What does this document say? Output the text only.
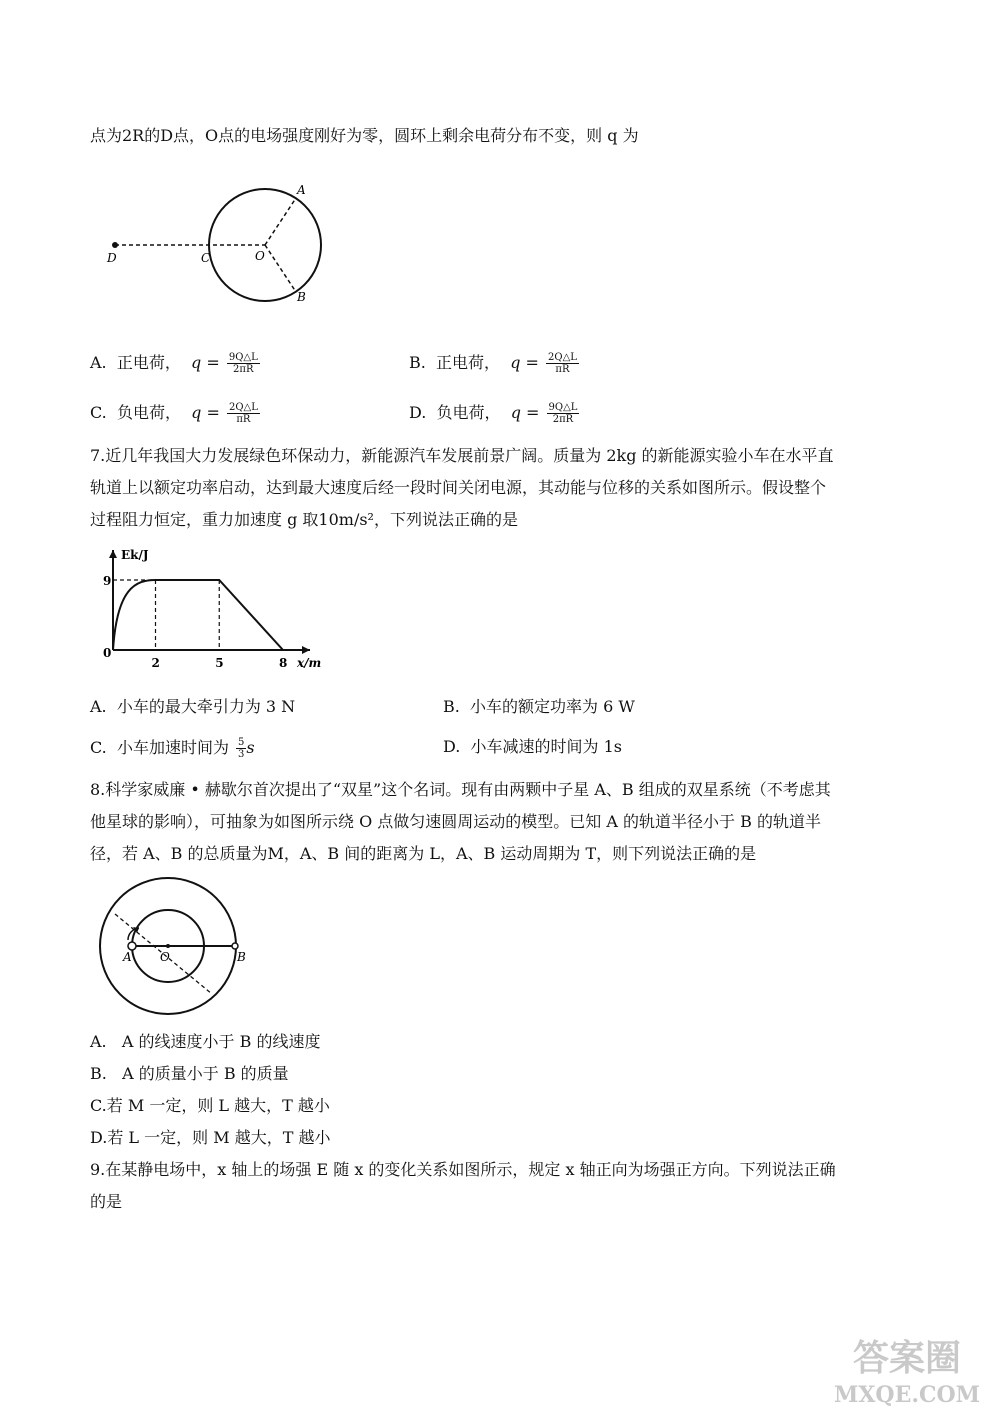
点为2R的D点，O点的电场强度刚好为零，圆环上剩余电荷分布不变，则 q 为
A
B
C
D	O
A. 正电荷， $q = \frac{9Q\triangle L}{2\pi R}$	B. 正电荷， $q = \frac{2Q\triangle L}{\pi R}$
C. 负电荷， $q = \frac{2Q\triangle L}{\pi R}$	D. 负电荷， $q = \frac{9Q\triangle L}{2\pi R}$
7.近几年我国大力发展绿色环保动力，新能源汽车发展前景广阔。质量为 2kg 的新能源实验小车在水平直
轨道上以额定功率启动，达到最大速度后经一段时间关闭电源，其动能与位移的关系如图所示。假设整个
过程阻力恒定，重力加速度 g 取10m/s²，下列说法正确的是
Ek/J
9
0
2	5	8 x/m
A. 小车的最大牵引力为 3 N	B. 小车的额定功率为 6 W
C. 小车加速时间为 $\frac{5}{3}$ s	D. 小车减速的时间为 1s
8.科学家威廉 • 赫歇尔首次提出了“双星”这个名词。现有由两颗中子星 A、B 组成的双星系统（不考虑其
他星球的影响），可抽象为如图所示绕 O 点做匀速圆周运动的模型。已知 A 的轨道半径小于 B 的轨道半
径，若 A、B 的总质量为M，A、B 间的距离为 L，A、B 运动周期为 T，则下列说法正确的是
A O	B
A. A 的线速度小于 B 的线速度
B. A 的质量小于 B 的质量
C.若 M 一定，则 L 越大，T 越小
D.若 L 一定，则 M 越大，T 越小
9.在某静电场中，x 轴上的场强 E 随 x 的变化关系如图所示，规定 x 轴正向为场强正方向。下列说法正确
的是
答案圈
MXQE.COM
